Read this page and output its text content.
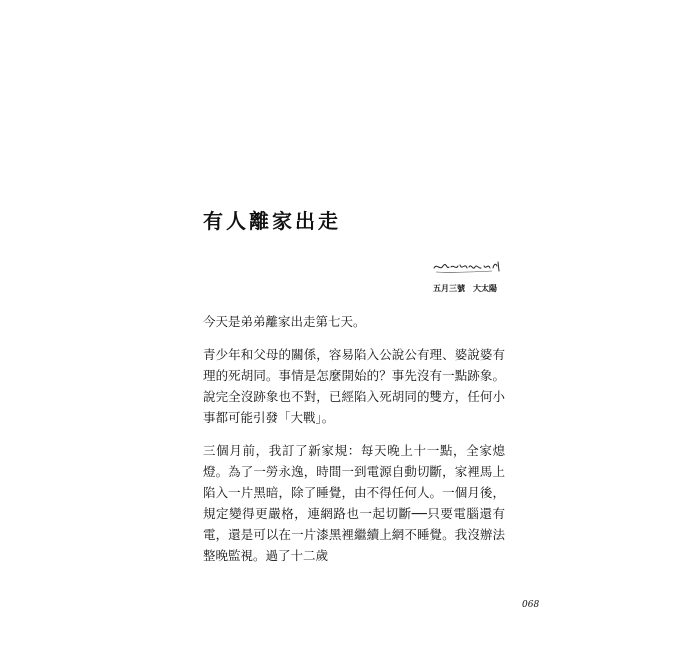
有人離家出走
五月三號 大太陽

今天是弟弟離家出走第七天。

青少年和父母的關係，容易陷入公說公有理、婆說婆有理的死胡同。事情是怎麼開始的？事先沒有一點跡象。說完全沒跡象也不對，已經陷入死胡同的雙方，任何小事都可能引發「大戰」。

三個月前，我訂了新家規：每天晚上十一點，全家熄燈。為了一勞永逸，時間一到電源自動切斷，家裡馬上陷入一片黑暗，除了睡覺，由不得任何人。一個月後，規定變得更嚴格，連網路也一起切斷──只要電腦還有電，還是可以在一片漆黑裡繼續上網不睡覺。我沒辦法整晚監視。過了十二歲

068
